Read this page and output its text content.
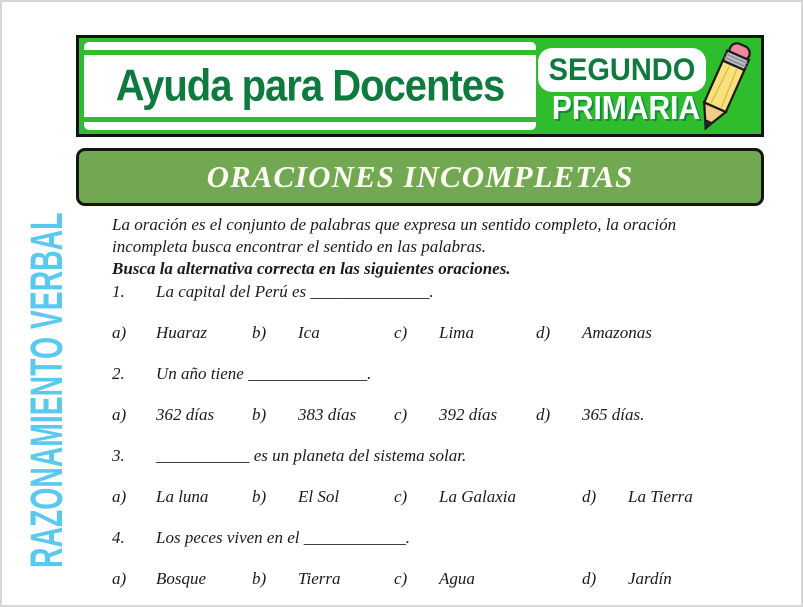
Ayuda para Docentes SEGUNDO
PRIMARIA
ORACIONES INCOMPLETAS
RAZONAMIENTO VERBAL La oración es el conjunto de palabras que expresa un sentido completo, la oración incompleta busca encontrar el sentido en las palabras.

Busca la alternativa correcta en las siguientes oraciones.

1.	La capital del Perú es ______________.
a)	Huaraz	b)	Ica	c)	Lima	d)	Amazonas
2.	Un año tiene ______________.
a)	362 días	b)	383 días	c)	392 días	d)	365 días.
3.	___________ es un planeta del sistema solar.
a)	La luna	b)	El Sol	c)	La Galaxia	d)	La Tierra
4.	Los peces viven en el ____________.
a)	Bosque	b)	Tierra	c)	Agua	d)	Jardín
